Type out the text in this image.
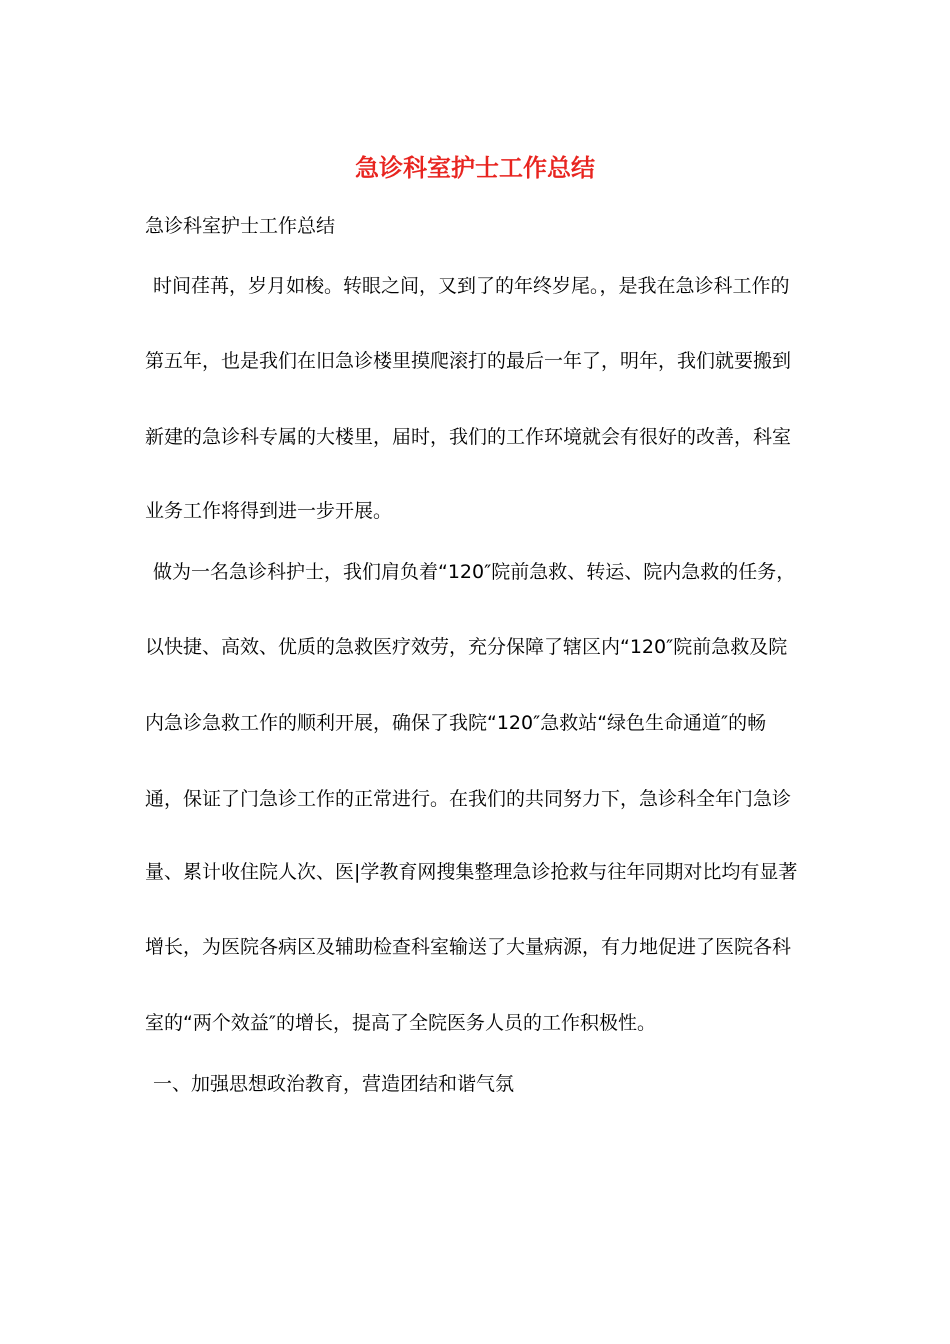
急诊科室护士工作总结

急诊科室护士工作总结

时间荏苒，岁月如梭。转眼之间，又到了的年终岁尾。，是我在急诊科工作的

第五年，也是我们在旧急诊楼里摸爬滚打的最后一年了，明年，我们就要搬到

新建的急诊科专属的大楼里，届时，我们的工作环境就会有很好的改善，科室

业务工作将得到进一步开展。

做为一名急诊科护士，我们肩负着“120″院前急救、转运、院内急救的任务，

以快捷、高效、优质的急救医疗效劳，充分保障了辖区内“120″院前急救及院

内急诊急救工作的顺利开展，确保了我院“120″急救站“绿色生命通道″的畅

通，保证了门急诊工作的正常进行。在我们的共同努力下，急诊科全年门急诊

量、累计收住院人次、医|学教育网搜集整理急诊抢救与往年同期对比均有显著

增长，为医院各病区及辅助检查科室输送了大量病源，有力地促进了医院各科

室的“两个效益″的增长，提高了全院医务人员的工作积极性。

一、加强思想政治教育，营造团结和谐气氛
